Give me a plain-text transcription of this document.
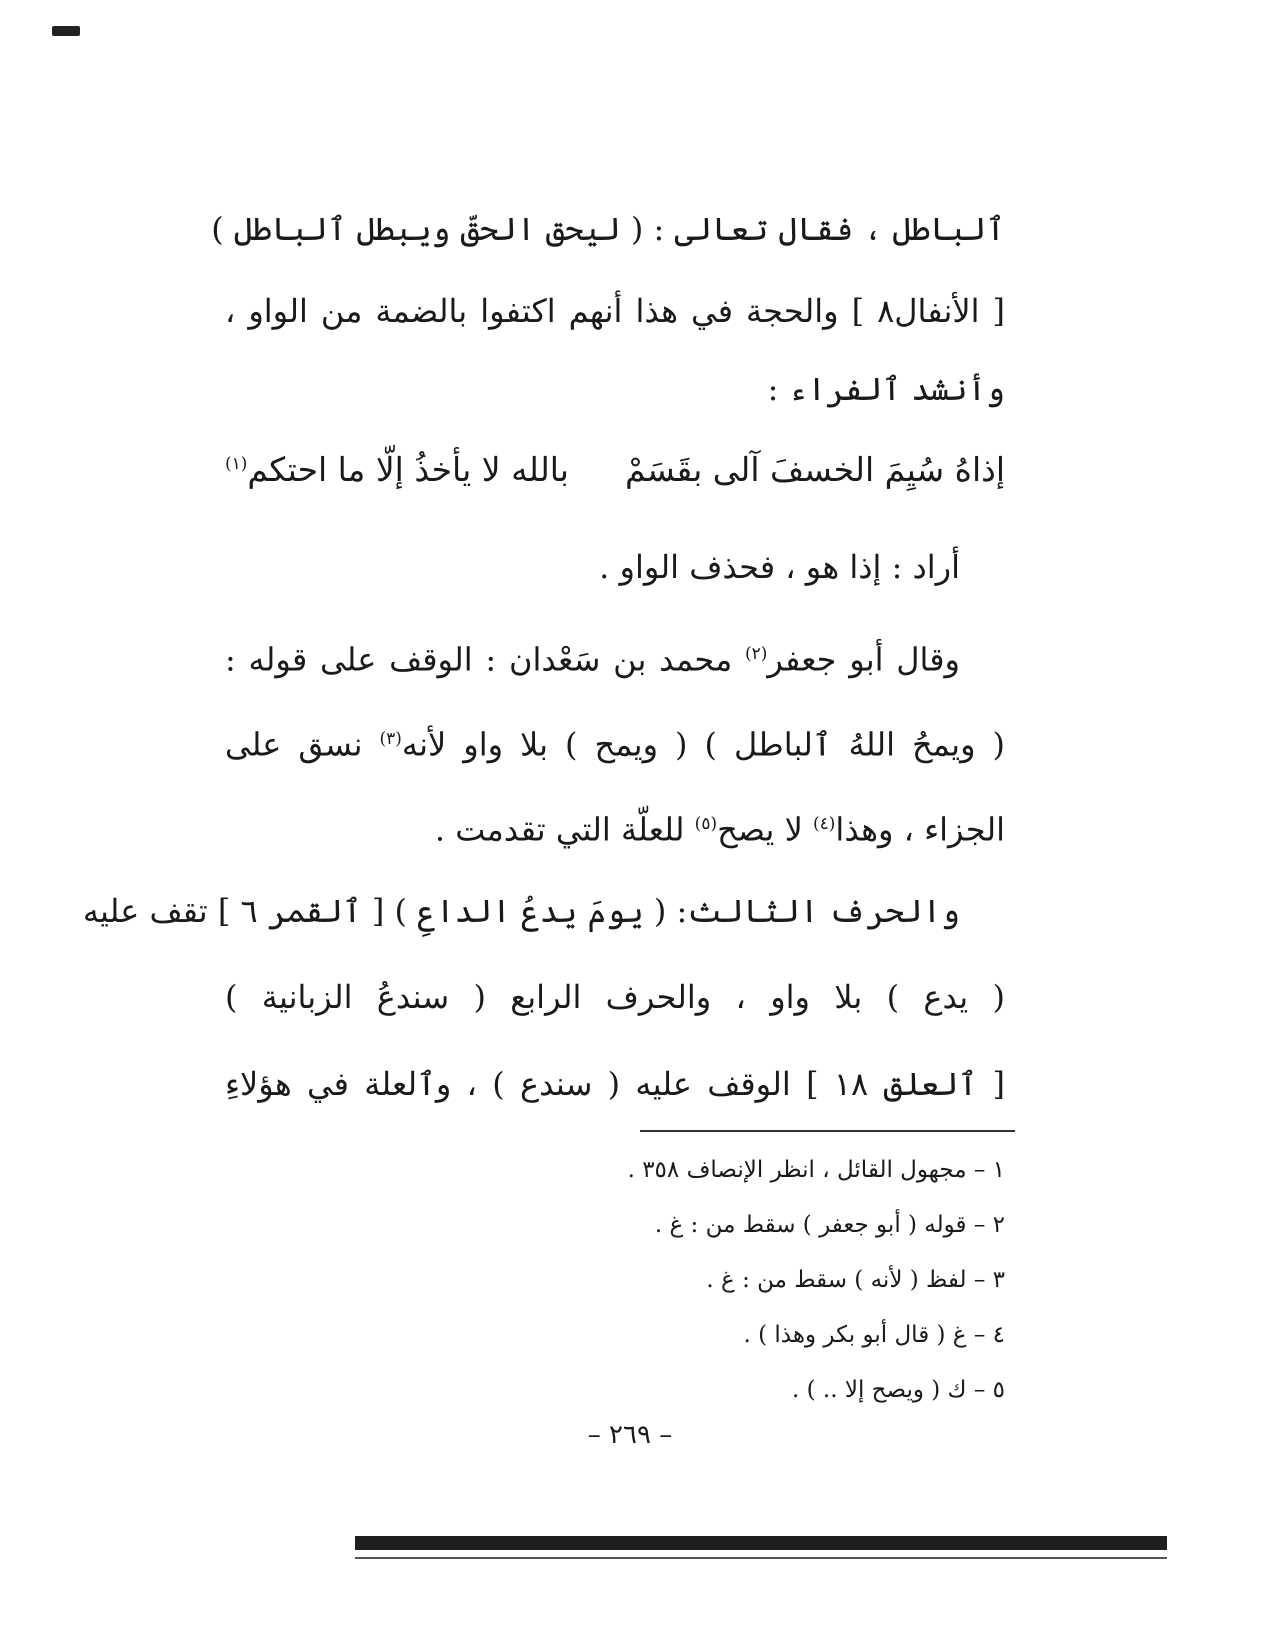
ٱلباطل ، فقال تعالى : ( ليحق الحقّ ويبطل ٱلباطل )
[ الأنفال٨ ] والحجة في هذا أنهم اكتفوا بالضمة من الواو ،
وأنشد ٱلفراء :
إذاهُ سُيِمَ الخسفَ آلى بقَسَمْ
بالله لا يأخذُ إلّا ما احتكم$^{(١)}$
أراد : إذا هو ، فحذف الواو .
وقال أبو جعفر$^{(٢)}$ محمد بن سَعْدان : الوقف على قوله :
( ويمحُ اللهُ ٱلباطل ) ( ويمح ) بلا واو لأنه$^{(٣)}$ نسق على
الجزاء ، وهذا$^{(٤)}$ لا يصح$^{(٥)}$ للعلّة التي تقدمت .
والحرف الثالث: ( يومَ يدعُ الداعِ ) [ ٱلقمر ٦ ] تقف عليه
( يدع ) بلا واو ، والحرف الرابع ( سندعُ الزبانية )
[ ٱلعلق ١٨ ] الوقف عليه ( سندع ) ، وٱلعلة في هؤلاءِ
١ – مجهول القائل ، انظر الإنصاف ٣٥٨ .
٢ – قوله ( أبو جعفر ) سقط من : غ .
٣ – لفظ ( لأنه ) سقط من : غ .
٤ – غ ( قال أبو بكر وهذا ) .
٥ – ك ( ويصح إلا .. ) .
– ٢٦٩ –
